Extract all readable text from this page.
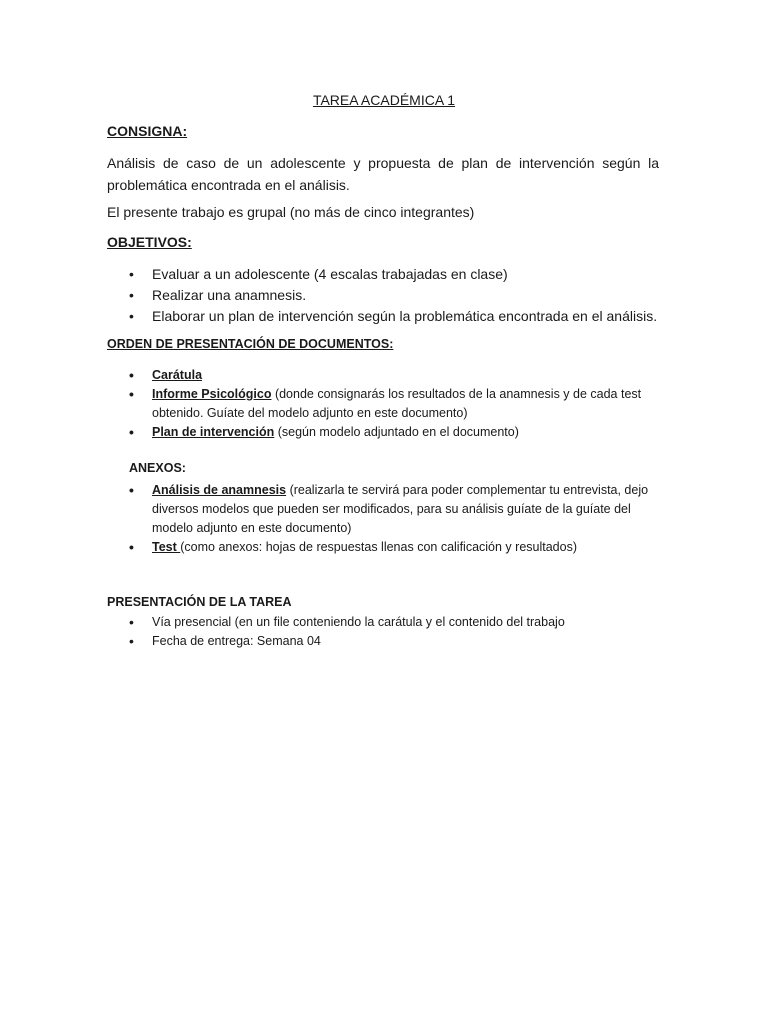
TAREA ACADÉMICA 1
CONSIGNA:
Análisis de caso de un adolescente y propuesta de plan de intervención según la problemática encontrada en el análisis.
El presente trabajo es grupal (no más de cinco integrantes)
OBJETIVOS:
• Evaluar a un adolescente (4 escalas trabajadas en clase)
• Realizar una anamnesis.
• Elaborar un plan de intervención según la problemática encontrada en el análisis.
ORDEN DE PRESENTACIÓN DE DOCUMENTOS:
• Carátula
• Informe Psicológico (donde consignarás los resultados de la anamnesis y de cada test obtenido. Guíate del modelo adjunto en este documento)
• Plan de intervención (según modelo adjuntado en el documento)
ANEXOS:
• Análisis de anamnesis (realizarla te servirá para poder complementar tu entrevista, dejo diversos modelos que pueden ser modificados, para su análisis guíate de la guíate del modelo adjunto en este documento)
• Test (como anexos: hojas de respuestas llenas con calificación y resultados)
PRESENTACIÓN DE LA TAREA
• Vía presencial (en un file conteniendo la carátula y el contenido del trabajo
• Fecha de entrega: Semana 04
